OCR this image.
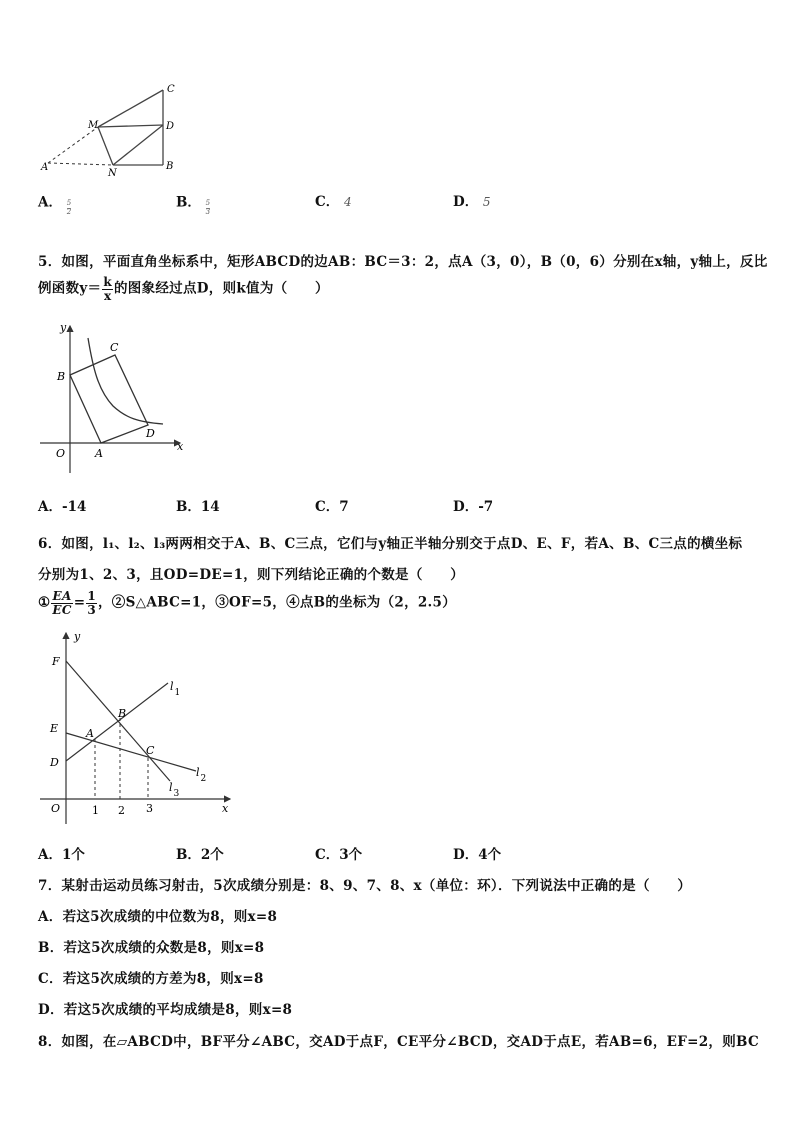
C
M	D
A
N
B
A． $\frac{5}{2}$	B． $\frac{5}{3}$	C． 4	D． 5
5．如图，平面直角坐标系中，矩形ABCD的边AB：BC＝3：2，点A（3，0），B（0，6）分别在x轴，y轴上，反比
例函数$y= \frac{k}{x}$ 的图象经过点D，则k值为（　　）
y
x
O	A
B
C
D
A．-14	B．14	C．7	D．-7
6．如图，l₁、l₂、l₃两两相交于A、B、C三点，它们与y轴正半轴分别交于点D、E、F，若A、B、C三点的横坐标
分别为1、2、3，且OD=DE=1，则下列结论正确的个数是（　　）
① $\frac{EA}{EC} = \frac{1}{3}$ ，②S△ABC=1，③OF=5，④点B的坐标为（2，2.5）
y
x
O
F
E
D
A
B
C
$l_1$
$l_2$
$l_3$
1 2 3
A．1个	B．2个	C．3个	D．4个
7．某射击运动员练习射击，5次成绩分别是：8、9、7、8、x（单位：环）．下列说法中正确的是（　　）
A．若这5次成绩的中位数为8，则x=8
B．若这5次成绩的众数是8，则x=8
C．若这5次成绩的方差为8，则x=8
D．若这5次成绩的平均成绩是8，则x=8
8．如图，在▱ABCD中，BF平分∠ABC，交AD于点F，CE平分∠BCD，交AD于点E，若AB=6，EF=2，则BC
